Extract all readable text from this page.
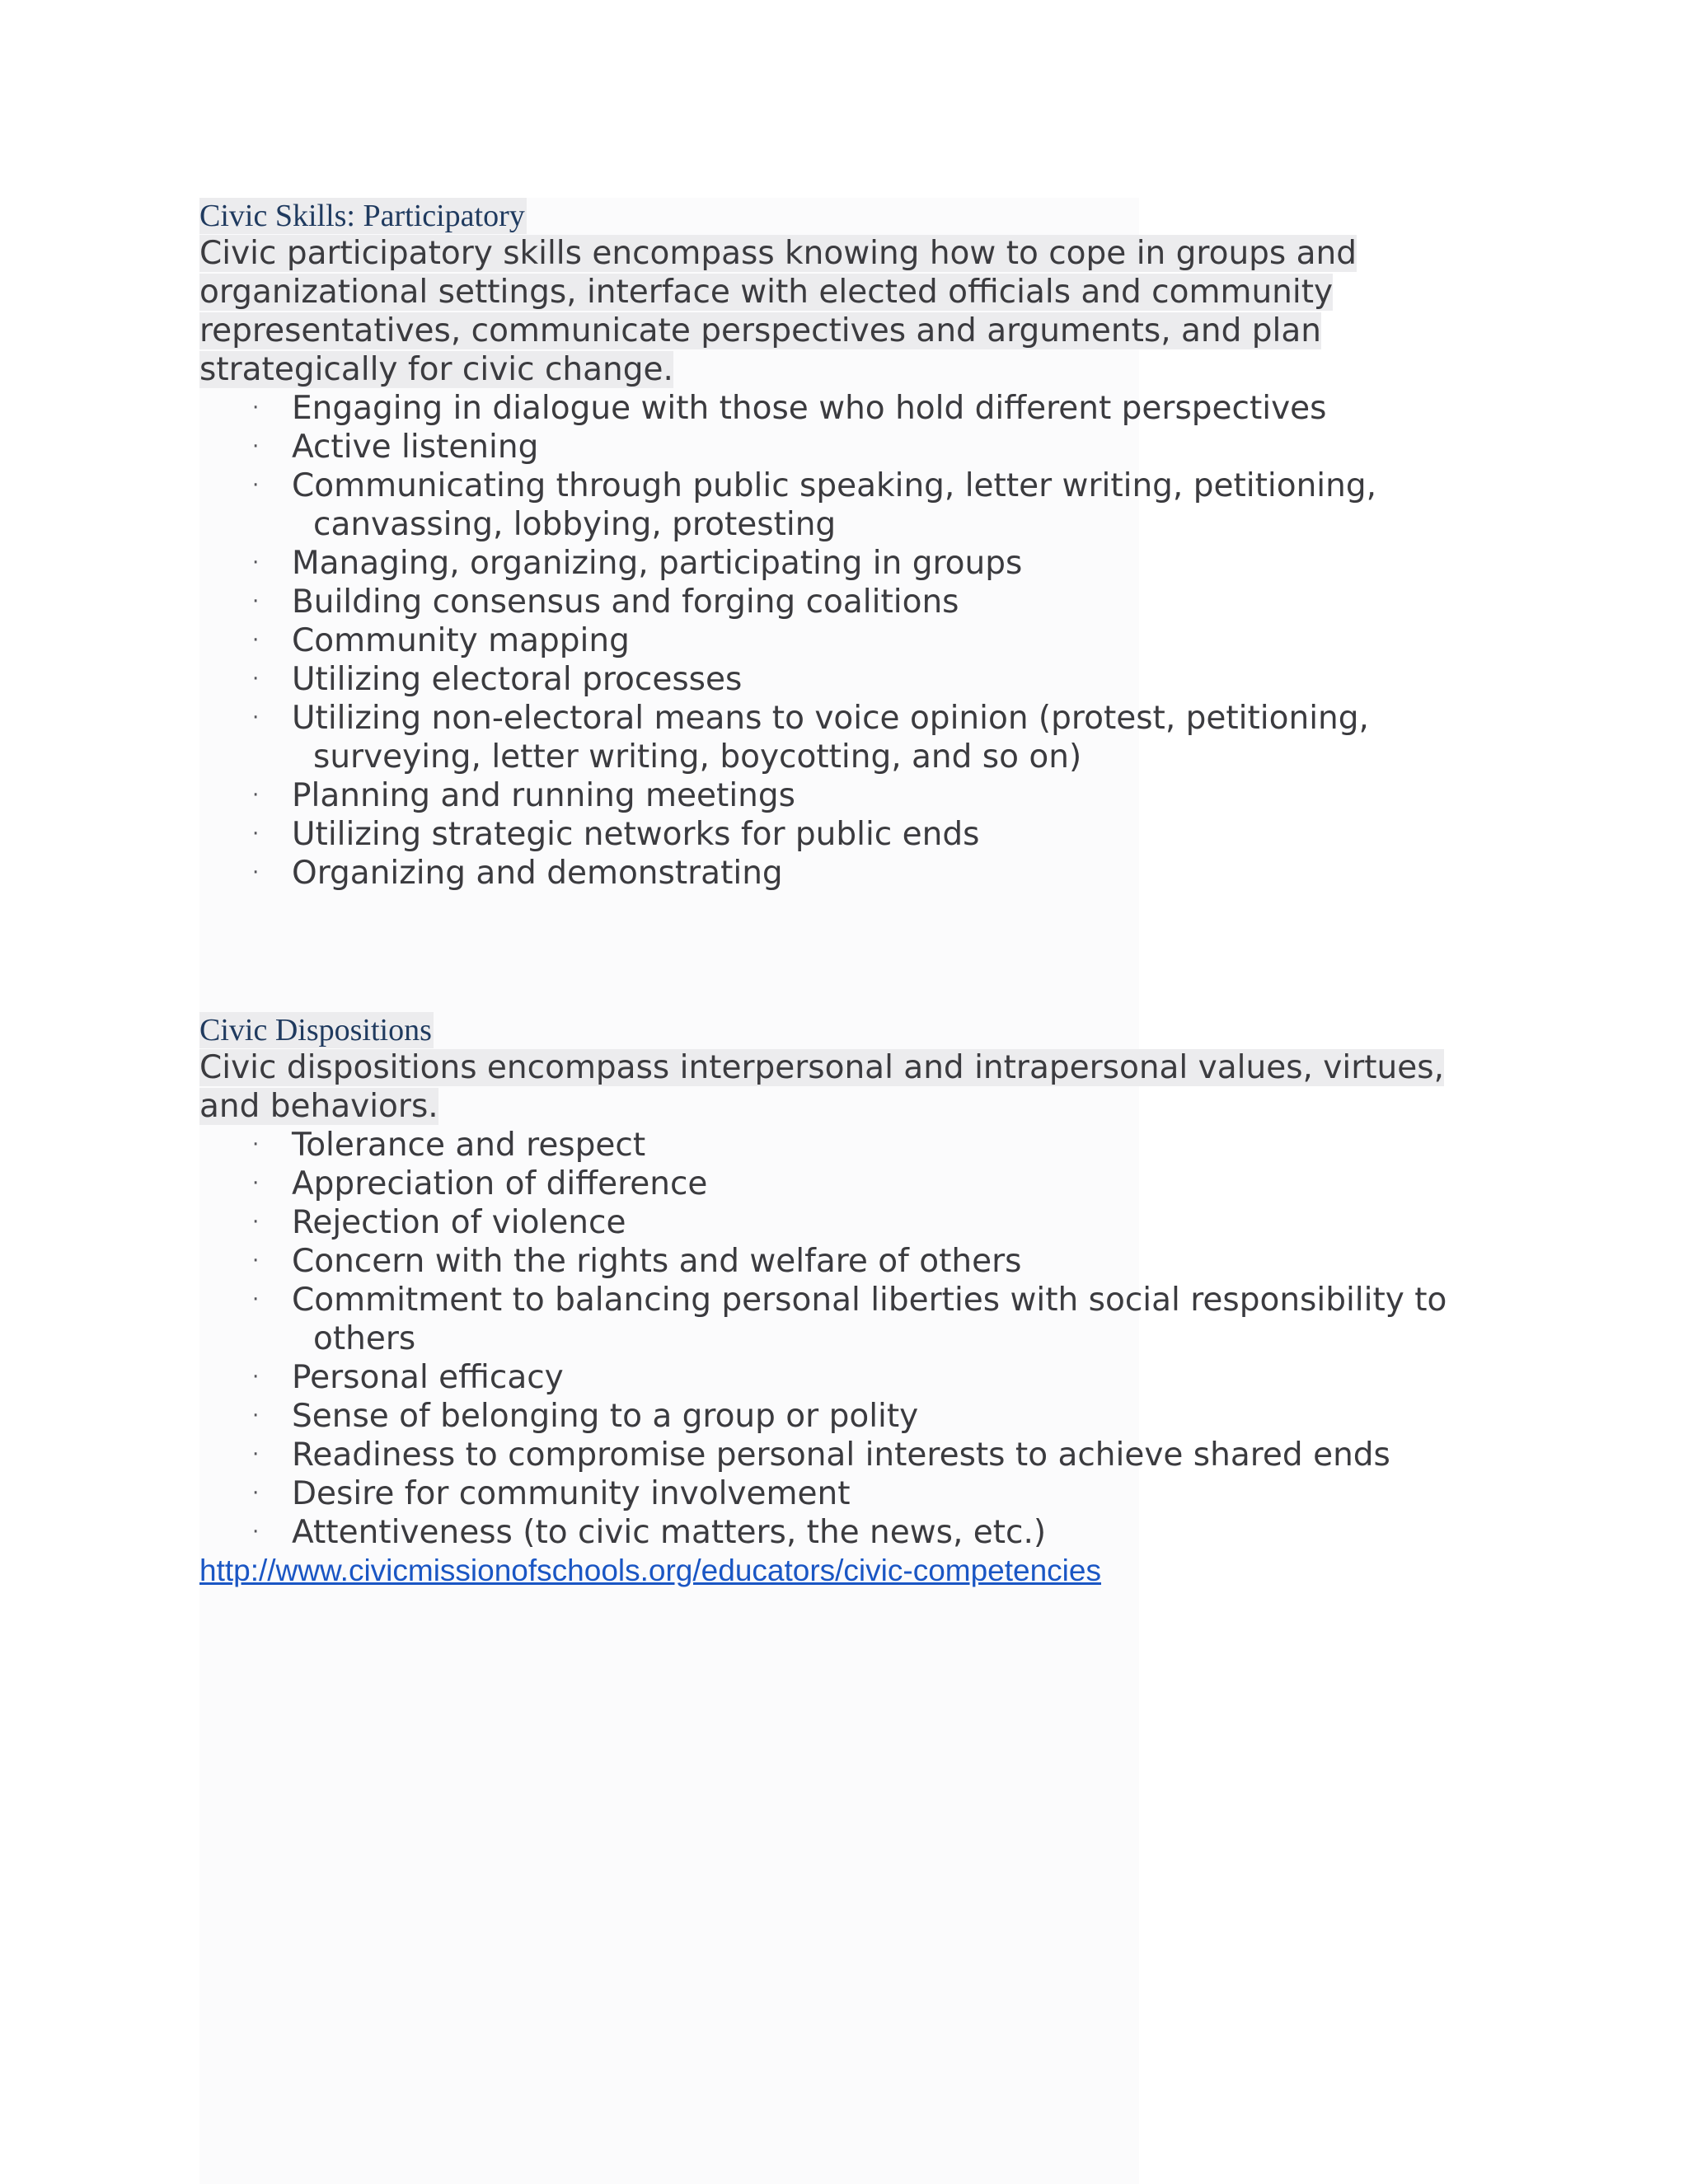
Civic Skills: Participatory

Civic participatory skills encompass knowing how to cope in groups and organizational settings, interface with elected officials and community representatives, communicate perspectives and arguments, and plan strategically for civic change.

· Engaging in dialogue with those who hold different perspectives
· Active listening
· Communicating through public speaking, letter writing, petitioning, canvassing, lobbying, protesting
· Managing, organizing, participating in groups
· Building consensus and forging coalitions
· Community mapping
· Utilizing electoral processes
· Utilizing non-electoral means to voice opinion (protest, petitioning, surveying, letter writing, boycotting, and so on)
· Planning and running meetings
· Utilizing strategic networks for public ends
· Organizing and demonstrating
Civic Dispositions

Civic dispositions encompass interpersonal and intrapersonal values, virtues, and behaviors.

· Tolerance and respect
· Appreciation of difference
· Rejection of violence
· Concern with the rights and welfare of others
· Commitment to balancing personal liberties with social responsibility to others
· Personal efficacy
· Sense of belonging to a group or polity
· Readiness to compromise personal interests to achieve shared ends
· Desire for community involvement
· Attentiveness (to civic matters, the news, etc.)
http://www.civicmissionofschools.org/educators/civic-competencies
